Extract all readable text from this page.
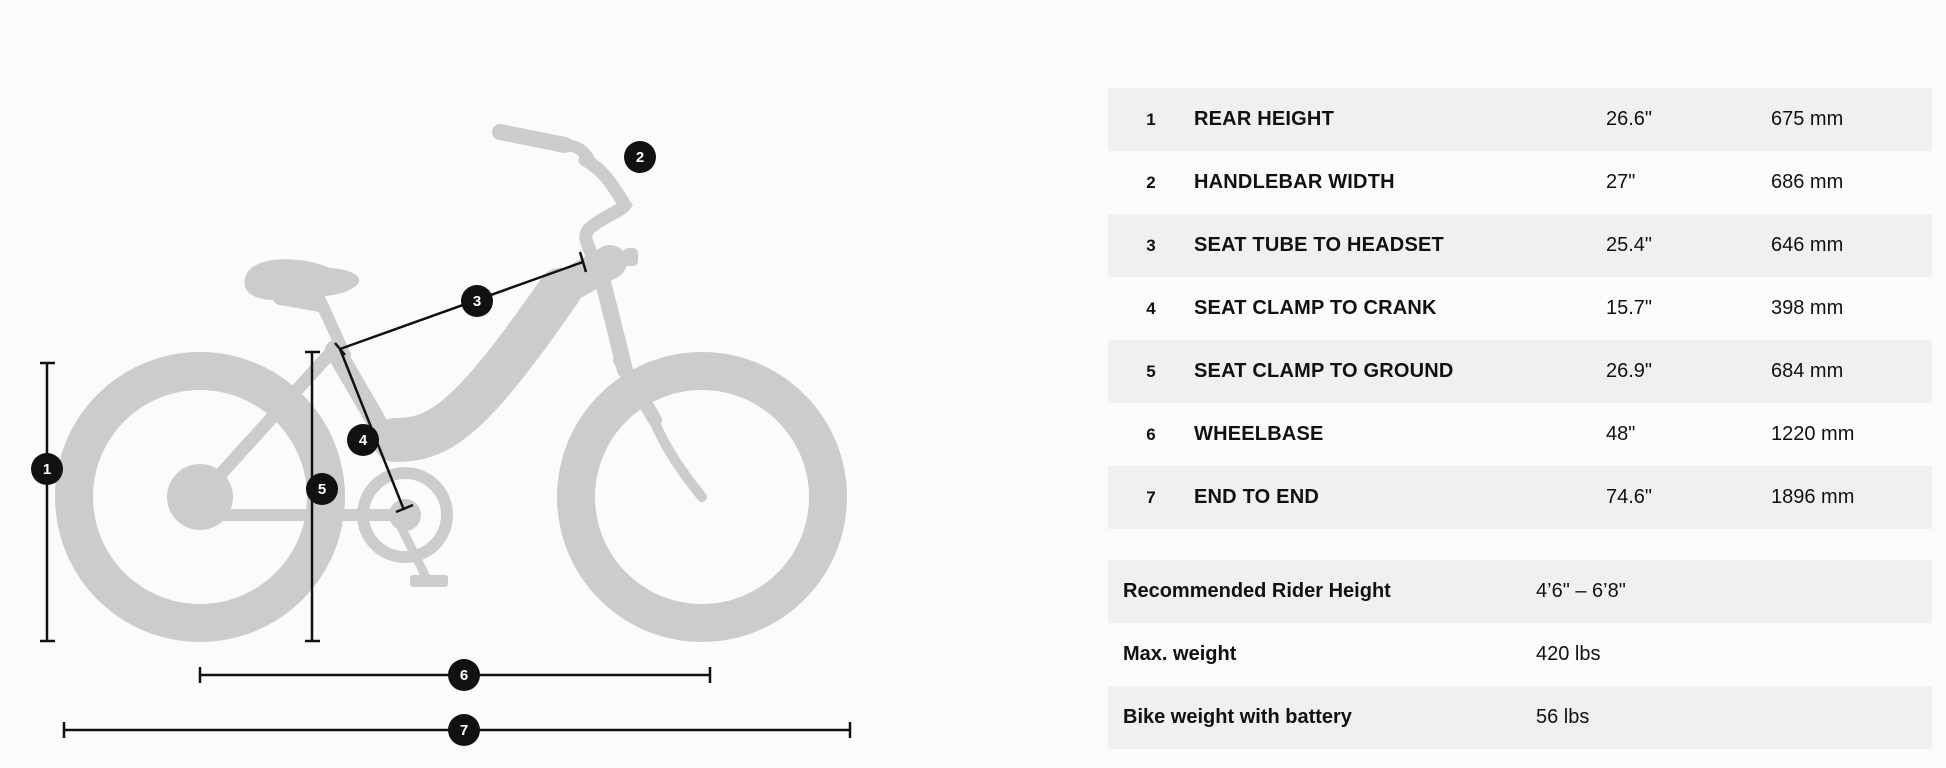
1
2
3
4
5
6
7
1	REAR HEIGHT	26.6"	675 mm
2	HANDLEBAR WIDTH	27"	686 mm
3	SEAT TUBE TO HEADSET	25.4"	646 mm
4	SEAT CLAMP TO CRANK	15.7"	398 mm
5	SEAT CLAMP TO GROUND	26.9"	684 mm
6	WHEELBASE	48"	1220 mm
7	END TO END	74.6"	1896 mm
Recommended Rider Height	4’6" – 6’8"
Max. weight	420 lbs
Bike weight with battery	56 lbs
